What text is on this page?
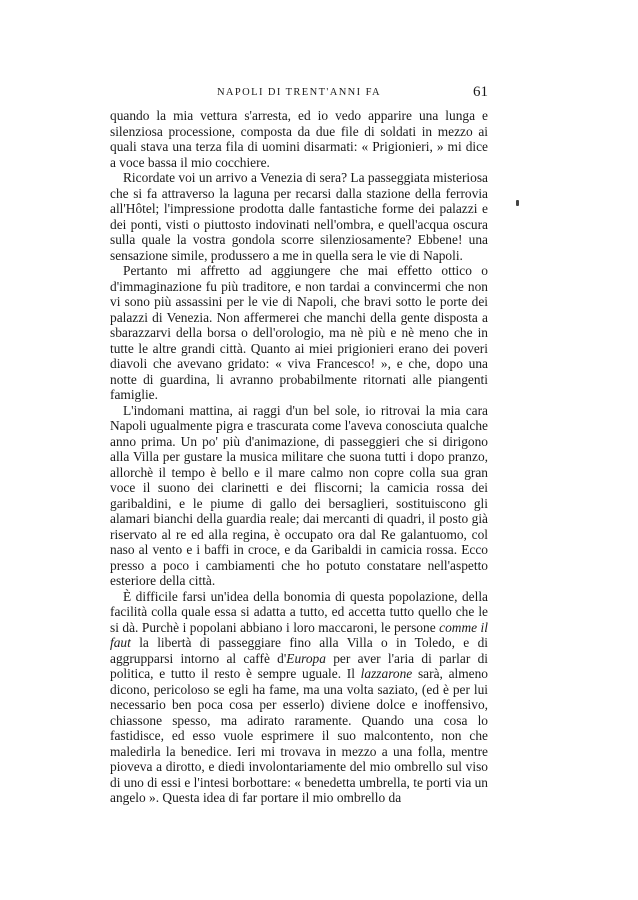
NAPOLI DI TRENT'ANNI FA	61

quando la mia vettura s'arresta, ed io vedo apparire una lunga e silenziosa processione, composta da due file di soldati in mezzo ai quali stava una terza fila di uomini disarmati: « Prigionieri, » mi dice a voce bassa il mio cocchiere.

Ricordate voi un arrivo a Venezia di sera? La passeggiata misteriosa che si fa attraverso la laguna per recarsi dalla stazione della ferrovia all'Hôtel; l'impressione prodotta dalle fantastiche forme dei palazzi e dei ponti, visti o piuttosto indovinati nell'ombra, e quell'acqua oscura sulla quale la vostra gondola scorre silenziosamente? Ebbene! una sensazione simile, produssero a me in quella sera le vie di Napoli.

Pertanto mi affretto ad aggiungere che mai effetto ottico o d'immaginazione fu più traditore, e non tardai a convincermi che non vi sono più assassini per le vie di Napoli, che bravi sotto le porte dei palazzi di Venezia. Non affermerei che manchi della gente disposta a sbarazzarvi della borsa o dell'orologio, ma nè più e nè meno che in tutte le altre grandi città. Quanto ai miei prigionieri erano dei poveri diavoli che avevano gridato: « viva Francesco! », e che, dopo una notte di guardina, li avranno probabilmente ritornati alle piangenti famiglie.

L'indomani mattina, ai raggi d'un bel sole, io ritrovai la mia cara Napoli ugualmente pigra e trascurata come l'aveva conosciuta qualche anno prima. Un po' più d'animazione, di passeggieri che si dirigono alla Villa per gustare la musica militare che suona tutti i dopo pranzo, allorchè il tempo è bello e il mare calmo non copre colla sua gran voce il suono dei clarinetti e dei fliscorni; la camicia rossa dei garibaldini, e le piume di gallo dei bersaglieri, sostituiscono gli alamari bianchi della guardia reale; dai mercanti di quadri, il posto già riservato al re ed alla regina, è occupato ora dal Re galantuomo, col naso al vento e i baffi in croce, e da Garibaldi in camicia rossa. Ecco presso a poco i cambiamenti che ho potuto constatare nell'aspetto esteriore della città.

È difficile farsi un'idea della bonomia di questa popolazione, della facilità colla quale essa si adatta a tutto, ed accetta tutto quello che le si dà. Purchè i popolani abbiano i loro maccaroni, le persone comme il faut la libertà di passeggiare fino alla Villa o in Toledo, e di aggrupparsi intorno al caffè d'Europa per aver l'aria di parlar di politica, e tutto il resto è sempre uguale. Il lazzarone sarà, almeno dicono, pericoloso se egli ha fame, ma una volta saziato, (ed è per lui necessario ben poca cosa per esserlo) diviene dolce e inoffensivo, chiassone spesso, ma adirato raramente. Quando una cosa lo fastidisce, ed esso vuole esprimere il suo malcontento, non che maledirla la benedice. Ieri mi trovava in mezzo a una folla, mentre pioveva a dirotto, e diedi involontariamente del mio ombrello sul viso di uno di essi e l'intesi borbottare: « benedetta umbrella, te porti via un angelo ». Questa idea di far portare il mio ombrello da
